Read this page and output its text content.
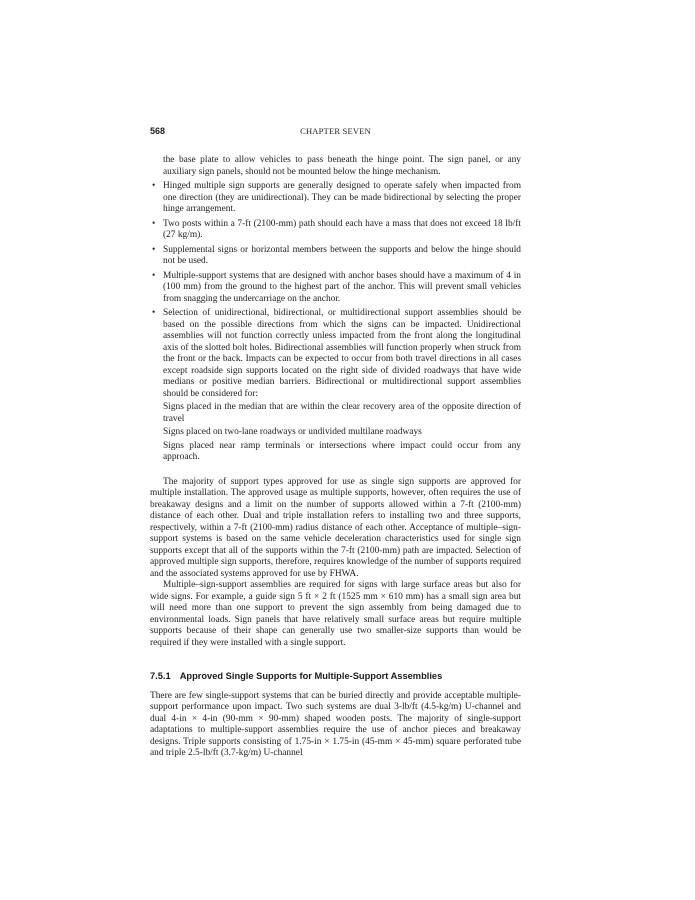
568	CHAPTER SEVEN

the base plate to allow vehicles to pass beneath the hinge point. The sign panel, or any auxiliary sign panels, should not be mounted below the hinge mechanism.

• Hinged multiple sign supports are generally designed to operate safely when impacted from one direction (they are unidirectional). They can be made bidirectional by selecting the proper hinge arrangement.
• Two posts within a 7-ft (2100-mm) path should each have a mass that does not exceed 18 lb/ft (27 kg/m).
• Supplemental signs or horizontal members between the supports and below the hinge should not be used.
• Multiple-support systems that are designed with anchor bases should have a maximum of 4 in (100 mm) from the ground to the highest part of the anchor. This will prevent small vehicles from snagging the undercarriage on the anchor.
• Selection of unidirectional, bidirectional, or multidirectional support assemblies should be based on the possible directions from which the signs can be impacted. Unidirectional assemblies will not function correctly unless impacted from the front along the longitudinal axis of the slotted bolt holes. Bidirectional assemblies will function properly when struck from the front or the back. Impacts can be expected to occur from both travel directions in all cases except roadside sign supports located on the right side of divided roadways that have wide medians or positive median barriers. Bidirectional or multidirectional support assemblies should be considered for:
Signs placed in the median that are within the clear recovery area of the opposite direction of travel
Signs placed on two-lane roadways or undivided multilane roadways
Signs placed near ramp terminals or intersections where impact could occur from any approach.

The majority of support types approved for use as single sign supports are approved for multiple installation. The approved usage as multiple supports, however, often requires the use of breakaway designs and a limit on the number of supports allowed within a 7-ft (2100-mm) distance of each other. Dual and triple installation refers to installing two and three supports, respectively, within a 7-ft (2100-mm) radius distance of each other. Acceptance of multiple–sign-support systems is based on the same vehicle deceleration characteristics used for single sign supports except that all of the supports within the 7-ft (2100-mm) path are impacted. Selection of approved multiple sign supports, therefore, requires knowledge of the number of supports required and the associated systems approved for use by FHWA.

Multiple–sign-support assemblies are required for signs with large surface areas but also for wide signs. For example, a guide sign 5 ft × 2 ft (1525 mm × 610 mm) has a small sign area but will need more than one support to prevent the sign assembly from being damaged due to environmental loads. Sign panels that have relatively small surface areas but require multiple supports because of their shape can generally use two smaller-size supports than would be required if they were installed with a single support.

7.5.1 Approved Single Supports for Multiple-Support Assemblies

There are few single-support systems that can be buried directly and provide acceptable multiple-support performance upon impact. Two such systems are dual 3-lb/ft (4.5-kg/m) U-channel and dual 4-in × 4-in (90-mm × 90-mm) shaped wooden posts. The majority of single-support adaptations to multiple-support assemblies require the use of anchor pieces and breakaway designs. Triple supports consisting of 1.75-in × 1.75-in (45-mm × 45-mm) square perforated tube and triple 2.5-lb/ft (3.7-kg/m) U-channel
